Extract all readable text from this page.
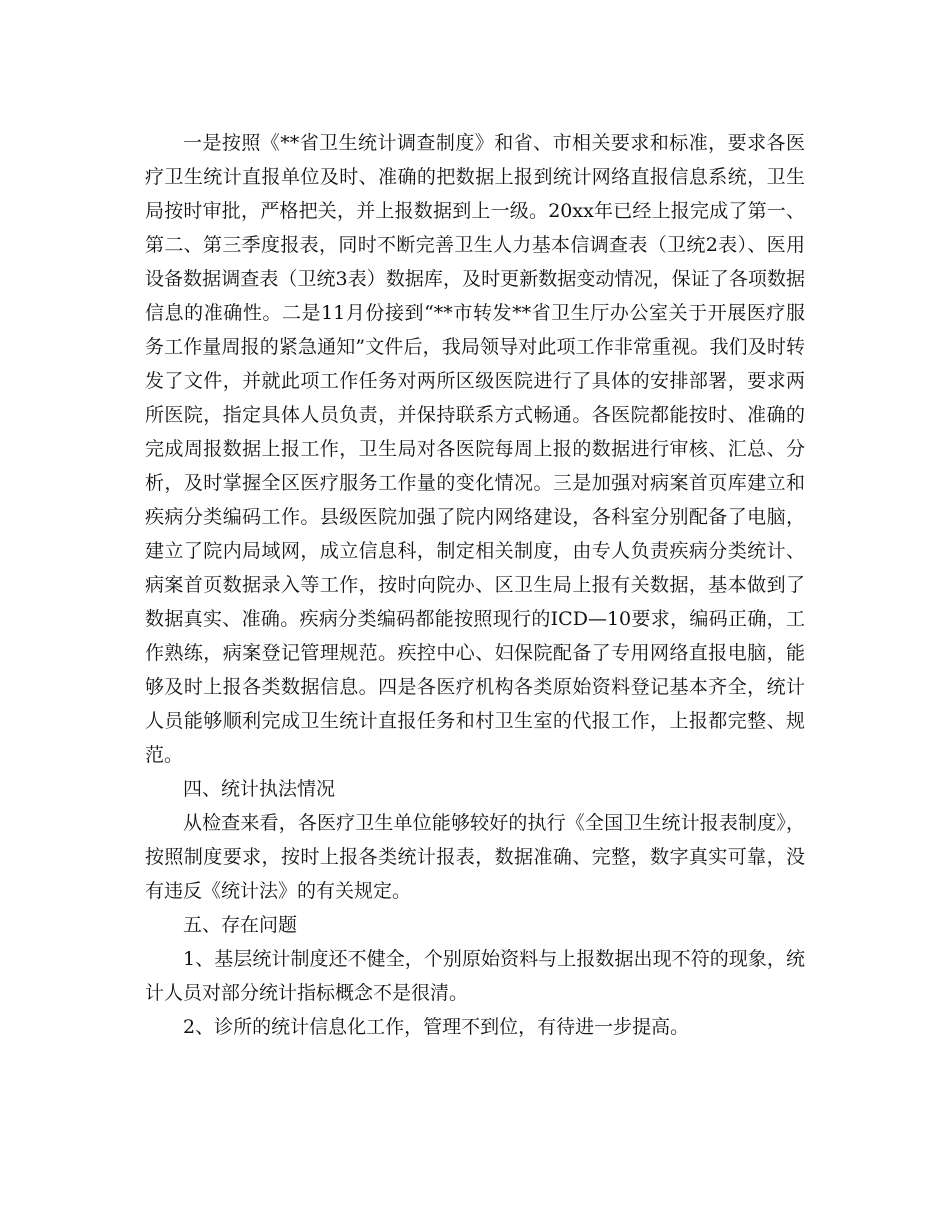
一是按照《**省卫生统计调查制度》和省、市相关要求和标准，要求各医疗卫生统计直报单位及时、准确的把数据上报到统计网络直报信息系统，卫生局按时审批，严格把关，并上报数据到上一级。20xx年已经上报完成了第一、第二、第三季度报表，同时不断完善卫生人力基本信调查表（卫统2表）、医用设备数据调查表（卫统3表）数据库，及时更新数据变动情况，保证了各项数据信息的准确性。二是11月份接到“**市转发**省卫生厅办公室关于开展医疗服务工作量周报的紧急通知”文件后，我局领导对此项工作非常重视。我们及时转发了文件，并就此项工作任务对两所区级医院进行了具体的安排部署，要求两所医院，指定具体人员负责，并保持联系方式畅通。各医院都能按时、准确的完成周报数据上报工作，卫生局对各医院每周上报的数据进行审核、汇总、分析，及时掌握全区医疗服务工作量的变化情况。三是加强对病案首页库建立和疾病分类编码工作。县级医院加强了院内网络建设，各科室分别配备了电脑，建立了院内局域网，成立信息科，制定相关制度，由专人负责疾病分类统计、病案首页数据录入等工作，按时向院办、区卫生局上报有关数据，基本做到了数据真实、准确。疾病分类编码都能按照现行的ICD—10要求，编码正确，工作熟练，病案登记管理规范。疾控中心、妇保院配备了专用网络直报电脑，能够及时上报各类数据信息。四是各医疗机构各类原始资料登记基本齐全，统计人员能够顺利完成卫生统计直报任务和村卫生室的代报工作，上报都完整、规范。

四、统计执法情况

从检查来看，各医疗卫生单位能够较好的执行《全国卫生统计报表制度》，按照制度要求，按时上报各类统计报表，数据准确、完整，数字真实可靠，没有违反《统计法》的有关规定。

五、存在问题

1、基层统计制度还不健全，个别原始资料与上报数据出现不符的现象，统计人员对部分统计指标概念不是很清。

2、诊所的统计信息化工作，管理不到位，有待进一步提高。
